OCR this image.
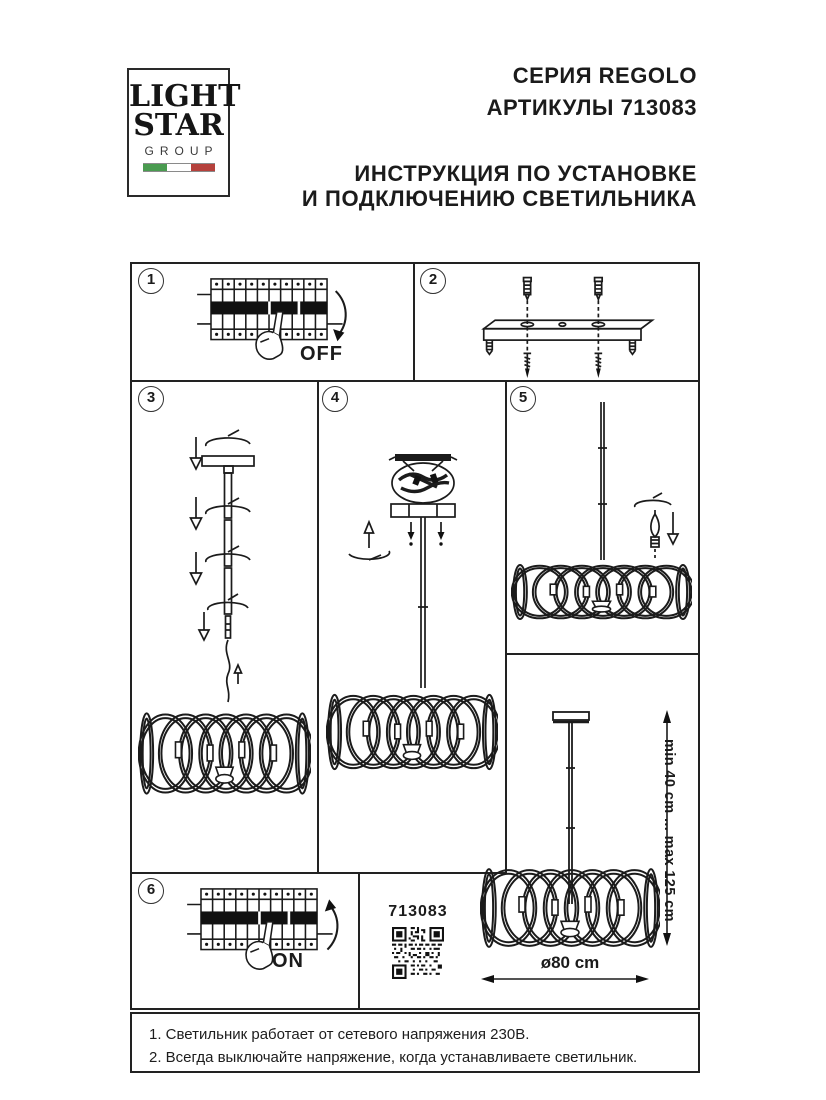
LIGHT
STAR
GROUP
СЕРИЯ REGOLO
АРТИКУЛЫ 713083
ИНСТРУКЦИЯ ПО УСТАНОВКЕ
И ПОДКЛЮЧЕНИЮ СВЕТИЛЬНИКА
1	2
3	4	5
6
OFF
ON
713083	min 40 cm ... max 125 cm
ø80 cm
1. Светильник работает от сетевого напряжения 230В.
2. Всегда выключайте напряжение, когда устанавливаете светильник.
